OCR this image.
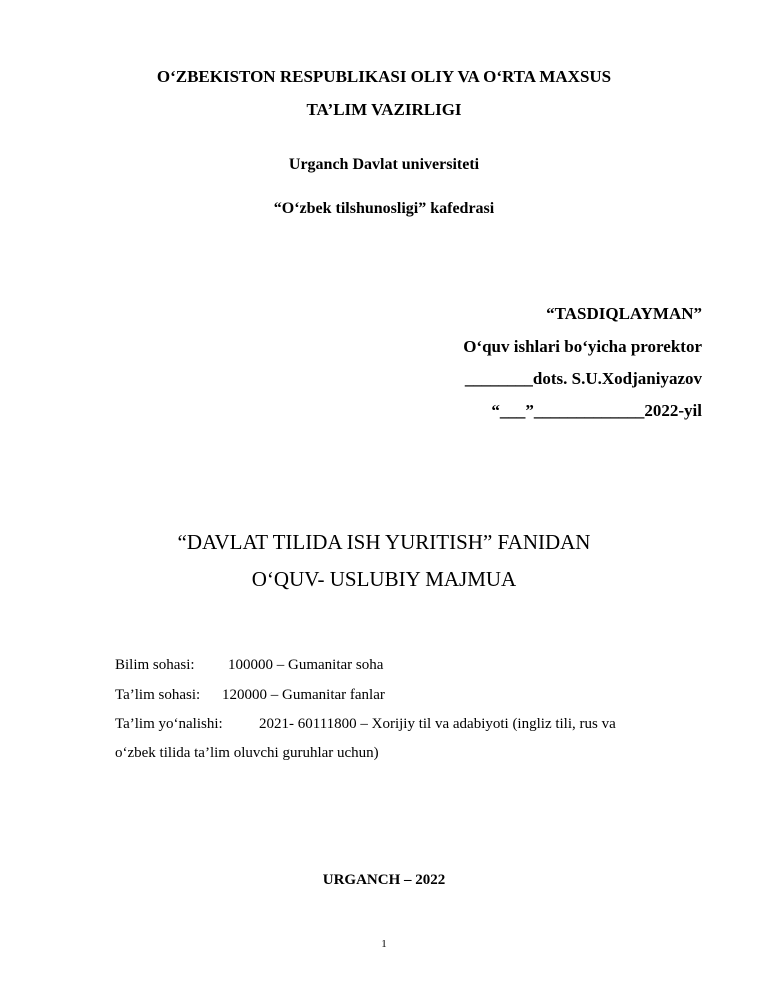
O‘ZBEKISTON RESPUBLIKASI OLIY VA O‘RTA MAXSUS
TA’LIM VAZIRLIGI
Urganch Davlat universiteti
“O‘zbek tilshunosligi” kafedrasi
“TASDIQLAYMAN”
O‘quv ishlari bo‘yicha prorektor
________dots. S.U.Xodjaniyazov
“___”_____________2022-yil
“DAVLAT TILIDA ISH YURITISH” FANIDAN
O‘QUV- USLUBIY MAJMUA
Bilim sohasi: 100000 – Gumanitar soha
Ta’lim sohasi: 120000 – Gumanitar fanlar
Ta’lim yo‘nalishi: 2021- 60111800 – Xorijiy til va adabiyoti (ingliz tili, rus va
o‘zbek tilida ta’lim oluvchi guruhlar uchun)
URGANCH – 2022
1
